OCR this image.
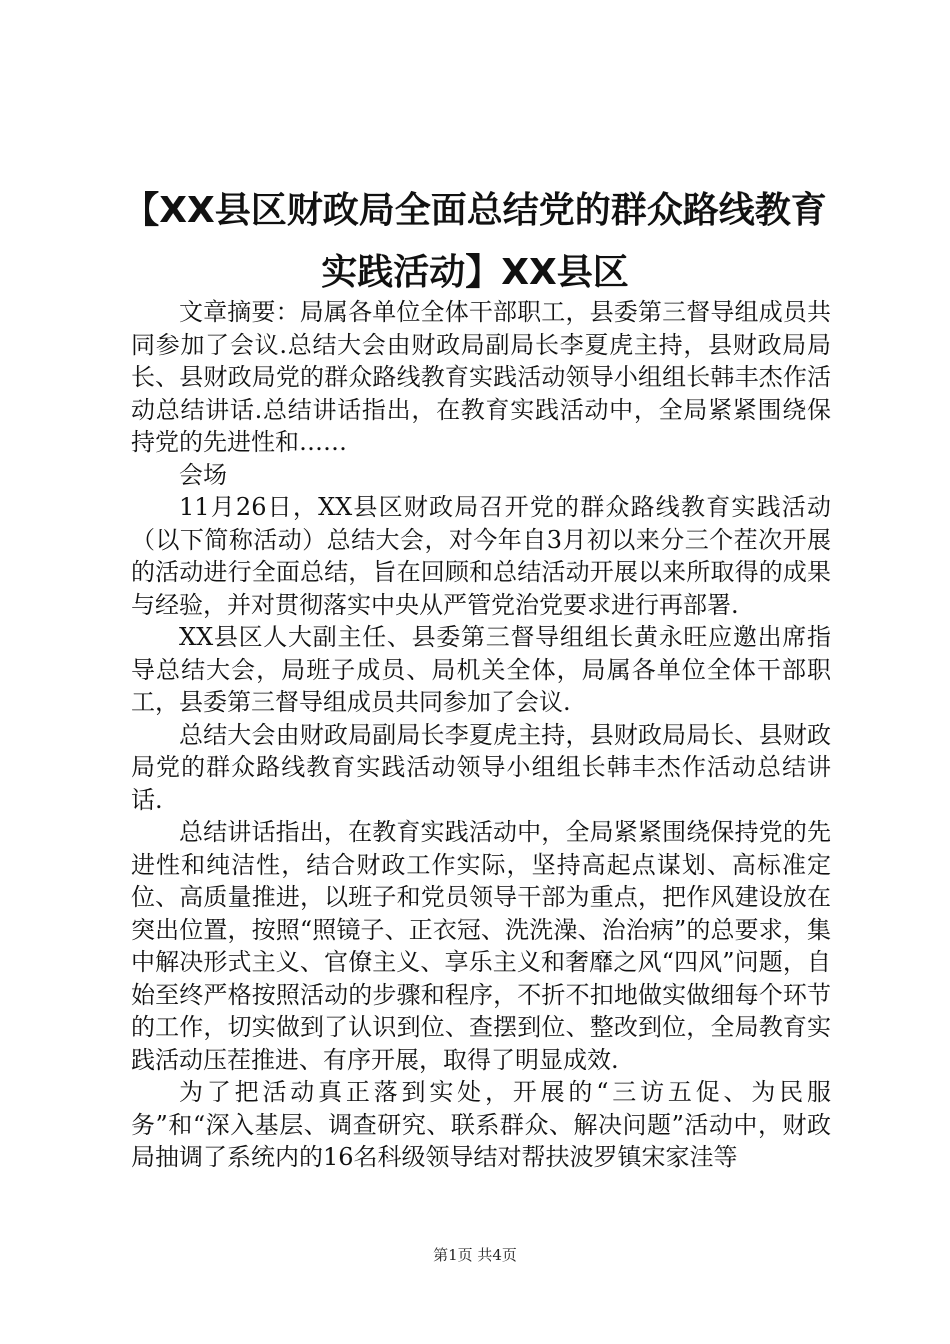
【XX县区财政局全面总结党的群众路线教育实践活动】XX县区

文章摘要：局属各单位全体干部职工，县委第三督导组成员共同参加了会议.总结大会由财政局副局长李夏虎主持，县财政局局长、县财政局党的群众路线教育实践活动领导小组组长韩丰杰作活动总结讲话.总结讲话指出，在教育实践活动中，全局紧紧围绕保持党的先进性和……

会场

11月26日，XX县区财政局召开党的群众路线教育实践活动（以下简称活动）总结大会，对今年自3月初以来分三个茬次开展的活动进行全面总结，旨在回顾和总结活动开展以来所取得的成果与经验，并对贯彻落实中央从严管党治党要求进行再部署.

XX县区人大副主任、县委第三督导组组长黄永旺应邀出席指导总结大会，局班子成员、局机关全体，局属各单位全体干部职工，县委第三督导组成员共同参加了会议.

总结大会由财政局副局长李夏虎主持，县财政局局长、县财政局党的群众路线教育实践活动领导小组组长韩丰杰作活动总结讲话.

总结讲话指出，在教育实践活动中，全局紧紧围绕保持党的先进性和纯洁性，结合财政工作实际，坚持高起点谋划、高标准定位、高质量推进，以班子和党员领导干部为重点，把作风建设放在突出位置，按照“照镜子、正衣冠、洗洗澡、治治病”的总要求，集中解决形式主义、官僚主义、享乐主义和奢靡之风“四风”问题，自始至终严格按照活动的步骤和程序，不折不扣地做实做细每个环节的工作，切实做到了认识到位、查摆到位、整改到位，全局教育实践活动压茬推进、有序开展，取得了明显成效.

为了把活动真正落到实处，开展的“三访五促、为民服务”和“深入基层、调查研究、联系群众、解决问题”活动中，财政局抽调了系统内的16名科级领导结对帮扶波罗镇宋家洼等

第1页 共4页
